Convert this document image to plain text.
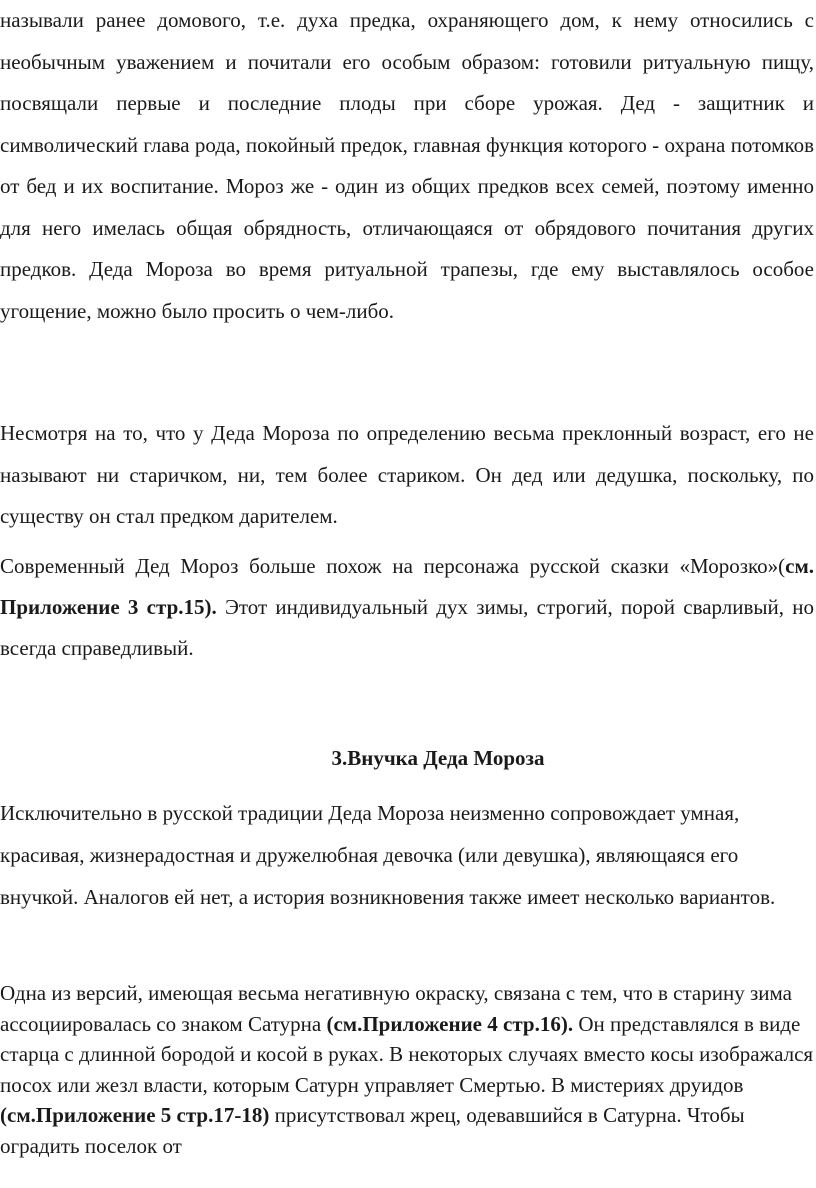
называли ранее домового, т.е. духа предка, охраняющего дом, к нему относились с необычным уважением и почитали его особым образом: готовили ритуальную пищу, посвящали первые и последние плоды при сборе урожая. Дед - защитник и символический глава рода, покойный предок, главная функция которого - охрана потомков от бед и их воспитание. Мороз же - один из общих предков всех семей, поэтому именно для него имелась общая обрядность, отличающаяся от обрядового почитания других предков. Деда Мороза во время ритуальной трапезы, где ему выставлялось особое угощение, можно было просить о чем-либо.

Несмотря на то, что у Деда Мороза по определению весьма преклонный возраст, его не называют ни старичком, ни, тем более стариком. Он дед или дедушка, поскольку, по существу он стал предком дарителем.

Современный Дед Мороз больше похож на персонажа русской сказки «Морозко»(см. Приложение 3 стр.15). Этот индивидуальный дух зимы, строгий, порой сварливый, но всегда справедливый.

3.Внучка Деда Мороза

Исключительно в русской традиции Деда Мороза неизменно сопровождает умная, красивая, жизнерадостная и дружелюбная девочка (или девушка), являющаяся его внучкой. Аналогов ей нет, а история возникновения также имеет несколько вариантов.

Одна из версий, имеющая весьма негативную окраску, связана с тем, что в старину зима ассоциировалась со знаком Сатурна (см.Приложение 4 стр.16). Он представлялся в виде старца с длинной бородой и косой в руках. В некоторых случаях вместо косы изображался посох или жезл власти, которым Сатурн управляет Смертью. В мистериях друидов (см.Приложение 5 стр.17-18) присутствовал жрец, одевавшийся в Сатурна. Чтобы оградить поселок от
